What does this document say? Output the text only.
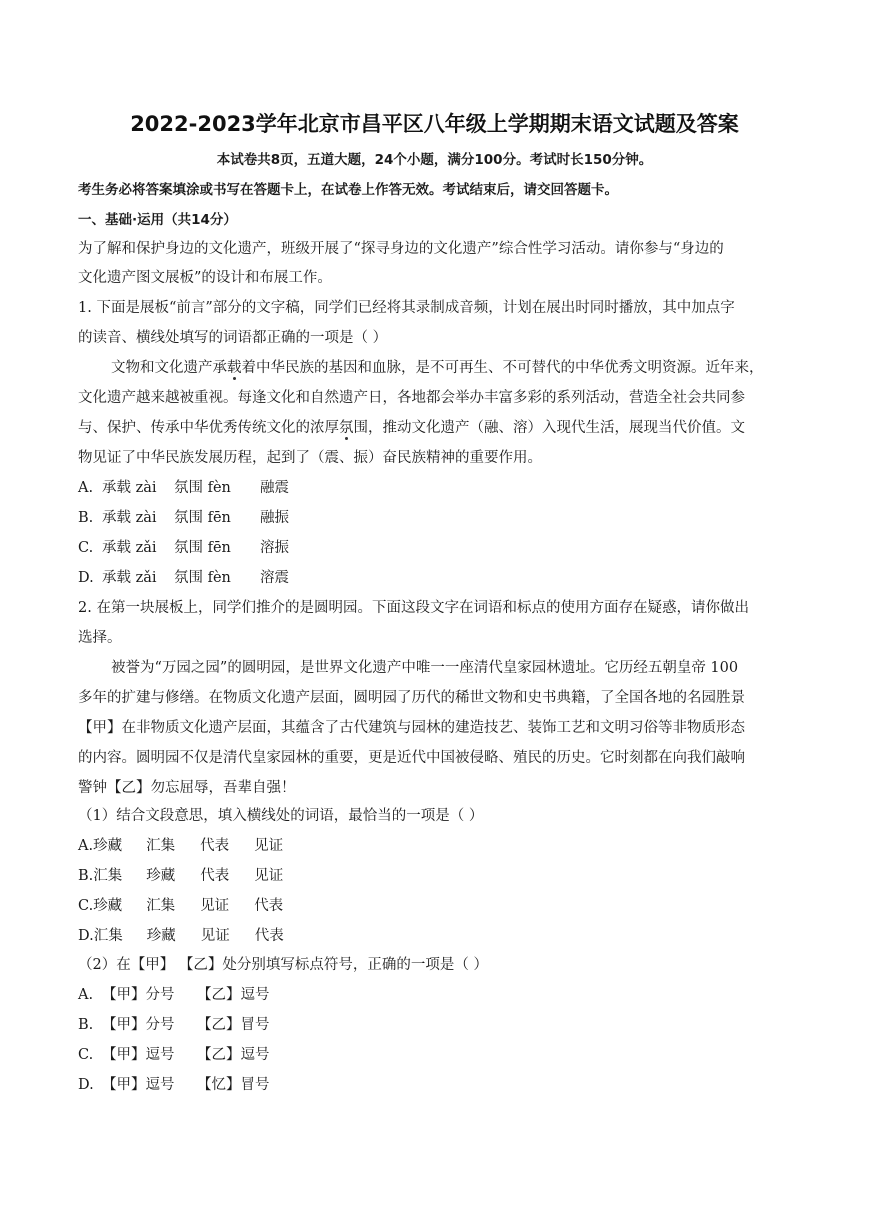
2022-2023学年北京市昌平区八年级上学期期末语文试题及答案
本试卷共8页，五道大题，24个小题，满分100分。考试时长150分钟。
考生务必将答案填涂或书写在答题卡上，在试卷上作答无效。考试结束后，请交回答题卡。
一、基础·运用（共14分）
为了解和保护身边的文化遗产，班级开展了“探寻身边的文化遗产”综合性学习活动。请你参与“身边的
文化遗产图文展板”的设计和布展工作。
1. 下面是展板“前言”部分的文字稿，同学们已经将其录制成音频，计划在展出时同时播放，其中加点字
的读音、横线处填写的词语都正确的一项是（ ）
文物和文化遗产承载着中华民族的基因和血脉，是不可再生、不可替代的中华优秀文明资源。近年来，
文化遗产越来越被重视。每逢文化和自然遗产日，各地都会举办丰富多彩的系列活动，营造全社会共同参
与、保护、传承中华优秀传统文化的浓厚氛围，推动文化遗产（融、溶）入现代生活，展现当代价值。文
物见证了中华民族发展历程，起到了（震、振）奋民族精神的重要作用。
A. 承载 zài 氛围 fèn 融震
B. 承载 zài 氛围 fēn 融振
C. 承载 zǎi 氛围 fēn 溶振
D. 承载 zǎi 氛围 fèn 溶震
2. 在第一块展板上，同学们推介的是圆明园。下面这段文字在词语和标点的使用方面存在疑惑，请你做出
选择。
被誉为“万园之园”的圆明园，是世界文化遗产中唯一一座清代皇家园林遗址。它历经五朝皇帝 100
多年的扩建与修缮。在物质文化遗产层面，圆明园了历代的稀世文物和史书典籍，了全国各地的名园胜景
【甲】在非物质文化遗产层面，其蕴含了古代建筑与园林的建造技艺、装饰工艺和文明习俗等非物质形态
的内容。圆明园不仅是清代皇家园林的重要，更是近代中国被侵略、殖民的历史。它时刻都在向我们敲响
警钟【乙】勿忘屈辱，吾辈自强！
（1）结合文段意思，填入横线处的词语，最恰当的一项是（ ）
A.珍藏 汇集 代表 见证
B.汇集 珍藏 代表 见证
C.珍藏 汇集 见证 代表
D.汇集 珍藏 见证 代表
（2）在【甲】 【乙】处分别填写标点符号，正确的一项是（ ）
A. 【甲】分号 【乙】逗号
B. 【甲】分号 【乙】冒号
C. 【甲】逗号 【乙】逗号
D. 【甲】逗号 【忆】冒号
